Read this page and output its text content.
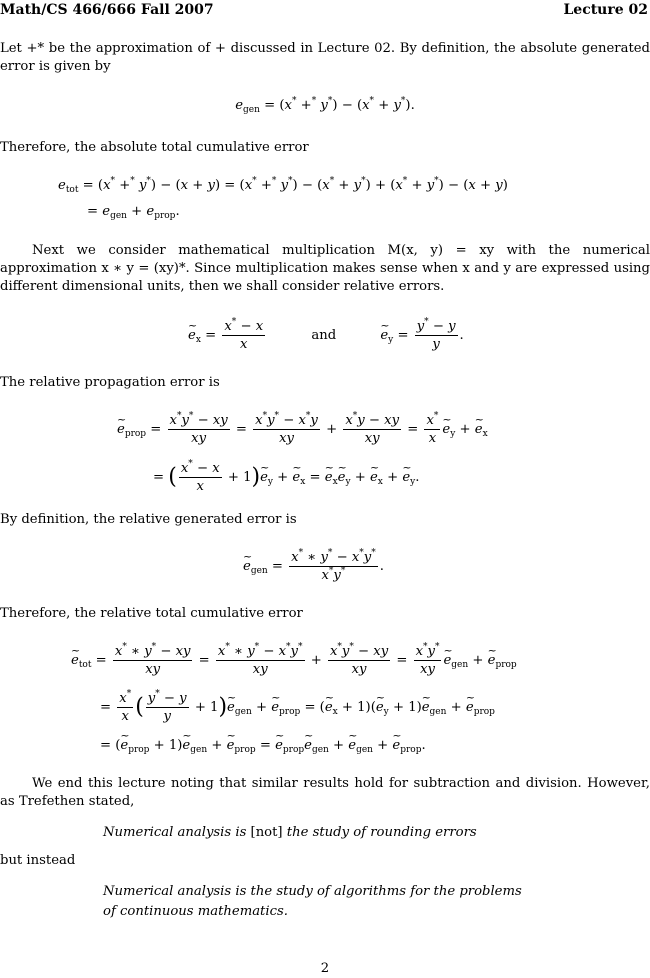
Math/CS 466/666 Fall 2007	Lecture 02
Let +* be the approximation of + discussed in Lecture 02. By definition, the absolute generated error is given by
$e_{gen} = (x^* +^*$ y*) − (x* + y*).
Therefore, the absolute total cumulative error
$e_{tot} = (x^* +^*$ y*) − (x + y) = (x* +* y*) − (x* + y*) + (x* + y*) − (x + y)
= $e_{gen} + e_{prop}$.
Next we consider mathematical multiplication M(x, y) = xy with the numerical approximation x ∗ y = (xy)*. Since multiplication makes sense when x and y are expressed using different dimensional units, then we shall consider relative errors.
~ $e_x = \frac{x^* - x}{x}$	and	~ $e_y = \frac{y^* - y}{y}$ .
The relative propagation error is
~ $e_{prop} = \frac{x^*y^* - xy}{xy} = \frac{x^*y^* - x^*y}{xy} + \frac{x^*y - xy}{xy} = \frac{x^*}{x}$ ~ $e_y$ + ~ $e_x$
= ( $\frac{x^* - x}{x}$ + 1)~ $e_y$ + ~ $e_x$ = ~ $e_x\sim$ $e_y$ + ~ $e_x$ + ~ $e_y$.
By definition, the relative generated error is
~ $e_{gen} = \frac{x^* ∗ y^* - x^*y^*}{x^*y^*}$ .
Therefore, the relative total cumulative error
~ $e_{tot} = \frac{x^* ∗ y^* - xy}{xy} = \frac{x^* ∗ y^* - x^*y^*}{xy} + \frac{x^*y^* - xy}{xy} = \frac{x^*y^*}{xy}$ ~ $e_{gen}$ + ~ $e_{prop}$
= $\frac{x^*}{x}$ ( $\frac{y^* - y}{y}$ + 1)~ $e_{gen}$ + ~ $e_{prop}$ = (~ $e_x$ + 1)(~ $e_y$ + 1)~ $e_{gen}$ + ~ $e_{prop}$
= (~ $e_{prop}$ + 1)~ $e_{gen}$ + ~ $e_{prop}$ = ~ $e_{prop}\sim$ $e_{gen}$ + ~ $e_{gen}$ + ~ $e_{prop}$.
We end this lecture noting that similar results hold for subtraction and division. However, as Trefethen stated,
Numerical analysis is [not] the study of rounding errors
but instead
Numerical analysis is the study of algorithms for the problems
of continuous mathematics.
2
